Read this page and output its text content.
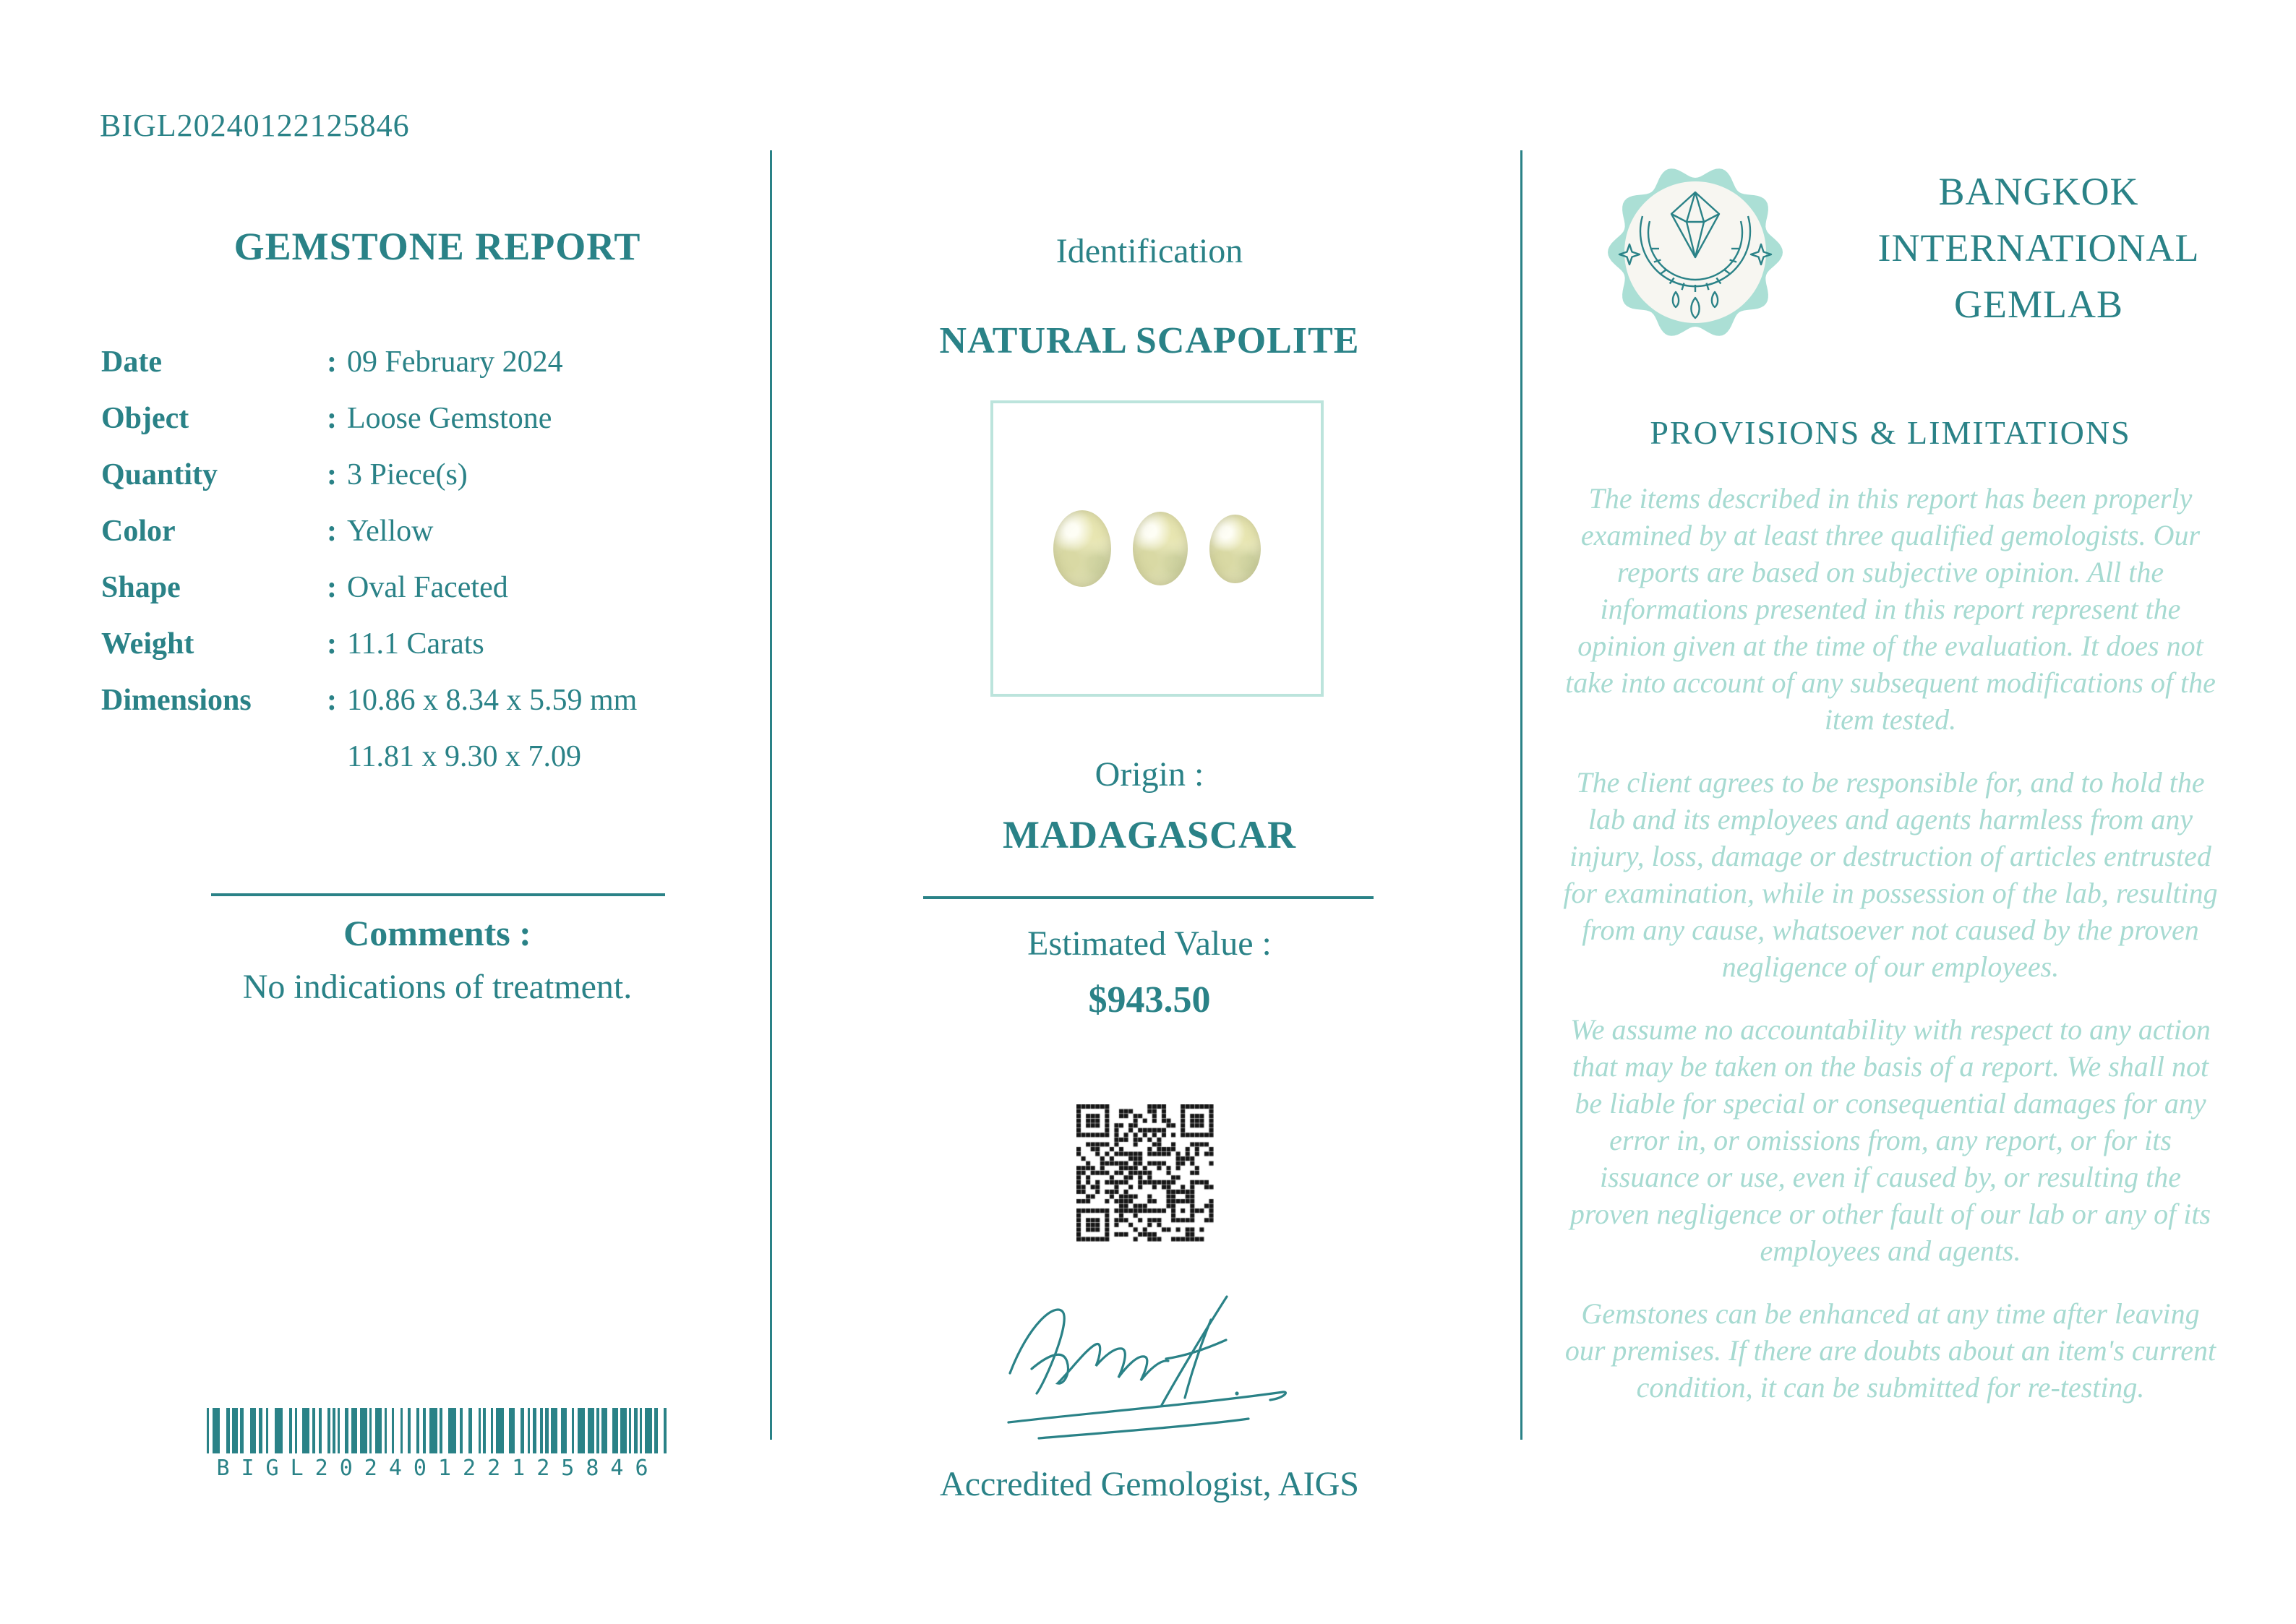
BIGL20240122125846
GEMSTONE REPORT
Date	: 09 February 2024
Object	: Loose Gemstone
Quantity	: 3 Piece(s)
Color	: Yellow
Shape	: Oval Faceted
Weight	: 11.1 Carats
Dimensions	: 10.86 x 8.34 x 5.59 mm
11.81 x 9.30 x 7.09
Comments :
No indications of treatment.
BIGL20240122125846
Identification
NATURAL SCAPOLITE
Origin :
MADAGASCAR
Estimated Value :
$943.50
Accredited Gemologist, AIGS
BANGKOK
INTERNATIONAL
GEMLAB
PROVISIONS & LIMITATIONS

The items described in this report has been properly examined by at least three qualified gemologists. Our reports are based on subjective opinion. All the informations presented in this report represent the opinion given at the time of the evaluation. It does not take into account of any subsequent modifications of the item tested.

The client agrees to be responsible for, and to hold the lab and its employees and agents harmless from any injury, loss, damage or destruction of articles entrusted for examination, while in possession of the lab, resulting from any cause, whatsoever not caused by the proven negligence of our employees.

We assume no accountability with respect to any action that may be taken on the basis of a report. We shall not be liable for special or consequential damages for any error in, or omissions from, any report, or for its issuance or use, even if caused by, or resulting the proven negligence or other fault of our lab or any of its employees and agents.

Gemstones can be enhanced at any time after leaving our premises. If there are doubts about an item's current condition, it can be submitted for re-testing.
